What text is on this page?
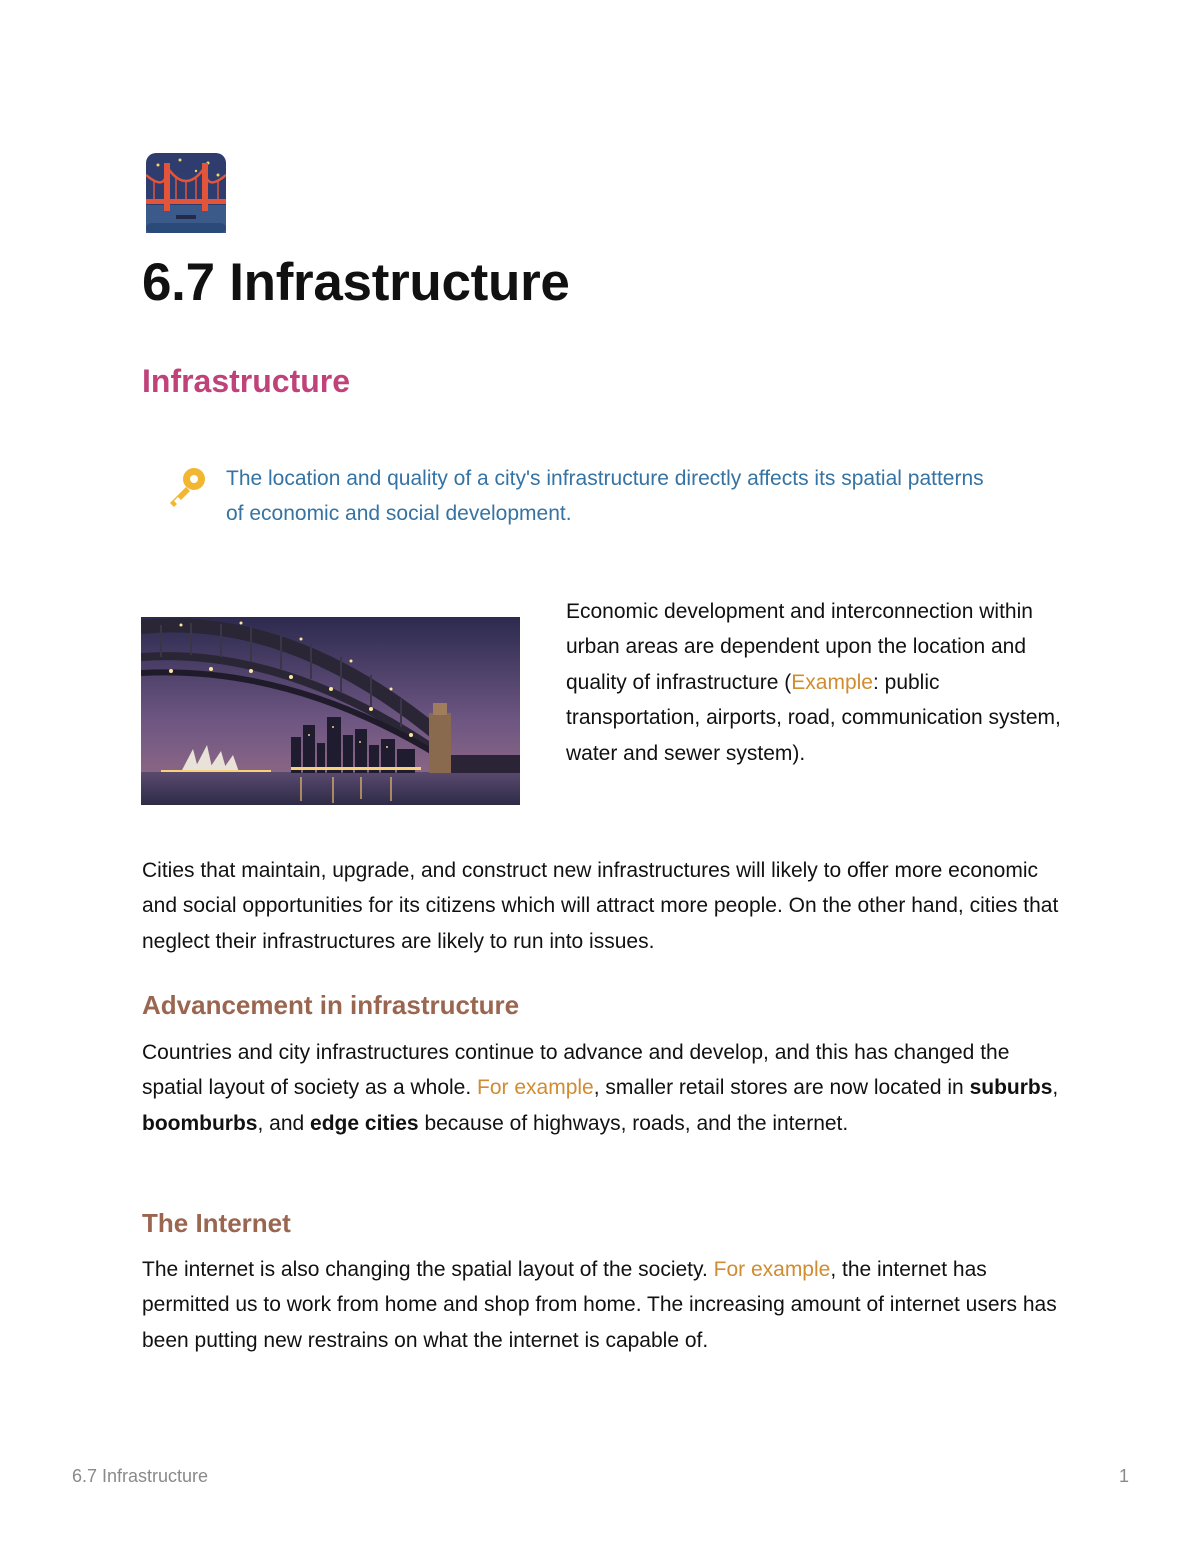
6.7 Infrastructure
Infrastructure

The location and quality of a city's infrastructure directly affects its spatial patterns of economic and social development.

Economic development and interconnection within urban areas are dependent upon the location and quality of infrastructure (Example: public transportation, airports, road, communication system, water and sewer system).

Cities that maintain, upgrade, and construct new infrastructures will likely to offer more economic and social opportunities for its citizens which will attract more people. On the other hand, cities that neglect their infrastructures are likely to run into issues.

Advancement in infrastructure

Countries and city infrastructures continue to advance and develop, and this has changed the spatial layout of society as a whole. For example, smaller retail stores are now located in suburbs, boomburbs, and edge cities because of highways, roads, and the internet.

The Internet

The internet is also changing the spatial layout of the society. For example, the internet has permitted us to work from home and shop from home. The increasing amount of internet users has been putting new restrains on what the internet is capable of.

6.7 Infrastructure	1
